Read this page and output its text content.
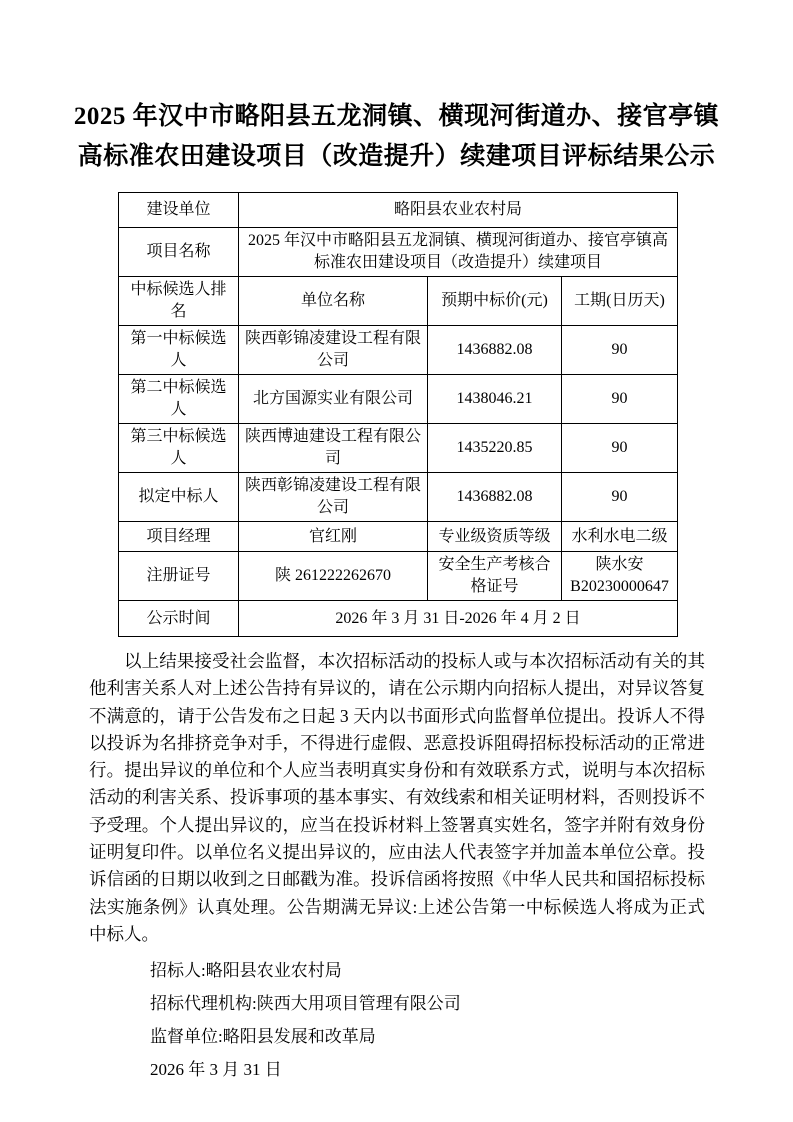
2025 年汉中市略阳县五龙洞镇、横现河街道办、接官亭镇
高标准农田建设项目（改造提升）续建项目评标结果公示
建设单位	略阳县农业农村局		
项目名称	2025 年汉中市略阳县五龙洞镇、横现河街道办、接官亭镇高标准农田建设项目（改造提升）续建项目		
中标候选人排名	单位名称	预期中标价(元)	工期(日历天)
第一中标候选人	陕西彰锦凌建设工程有限公司	1436882.08	90
第二中标候选人	北方国源实业有限公司	1438046.21	90
第三中标候选人	陕西博迪建设工程有限公司	1435220.85	90
拟定中标人	陕西彰锦凌建设工程有限公司	1436882.08	90
项目经理	官红刚	专业级资质等级	水利水电二级
注册证号	陕 261222262670	安全生产考核合格证号	陕水安 B20230000647
公示时间	2026 年 3 月 31 日-2026 年 4 月 2 日		

以上结果接受社会监督，本次招标活动的投标人或与本次招标活动有关的其他利害关系人对上述公告持有异议的，请在公示期内向招标人提出，对异议答复不满意的，请于公告发布之日起 3 天内以书面形式向监督单位提出。投诉人不得以投诉为名排挤竞争对手，不得进行虚假、恶意投诉阻碍招标投标活动的正常进行。提出异议的单位和个人应当表明真实身份和有效联系方式，说明与本次招标活动的利害关系、投诉事项的基本事实、有效线索和相关证明材料，否则投诉不予受理。个人提出异议的，应当在投诉材料上签署真实姓名，签字并附有效身份证明复印件。以单位名义提出异议的，应由法人代表签字并加盖本单位公章。投诉信函的日期以收到之日邮戳为准。投诉信函将按照《中华人民共和国招标投标法实施条例》认真处理。公告期满无异议:上述公告第一中标候选人将成为正式中标人。

招标人:略阳县农业农村局
招标代理机构:陕西大用项目管理有限公司
监督单位:略阳县发展和改革局
2026 年 3 月 31 日
